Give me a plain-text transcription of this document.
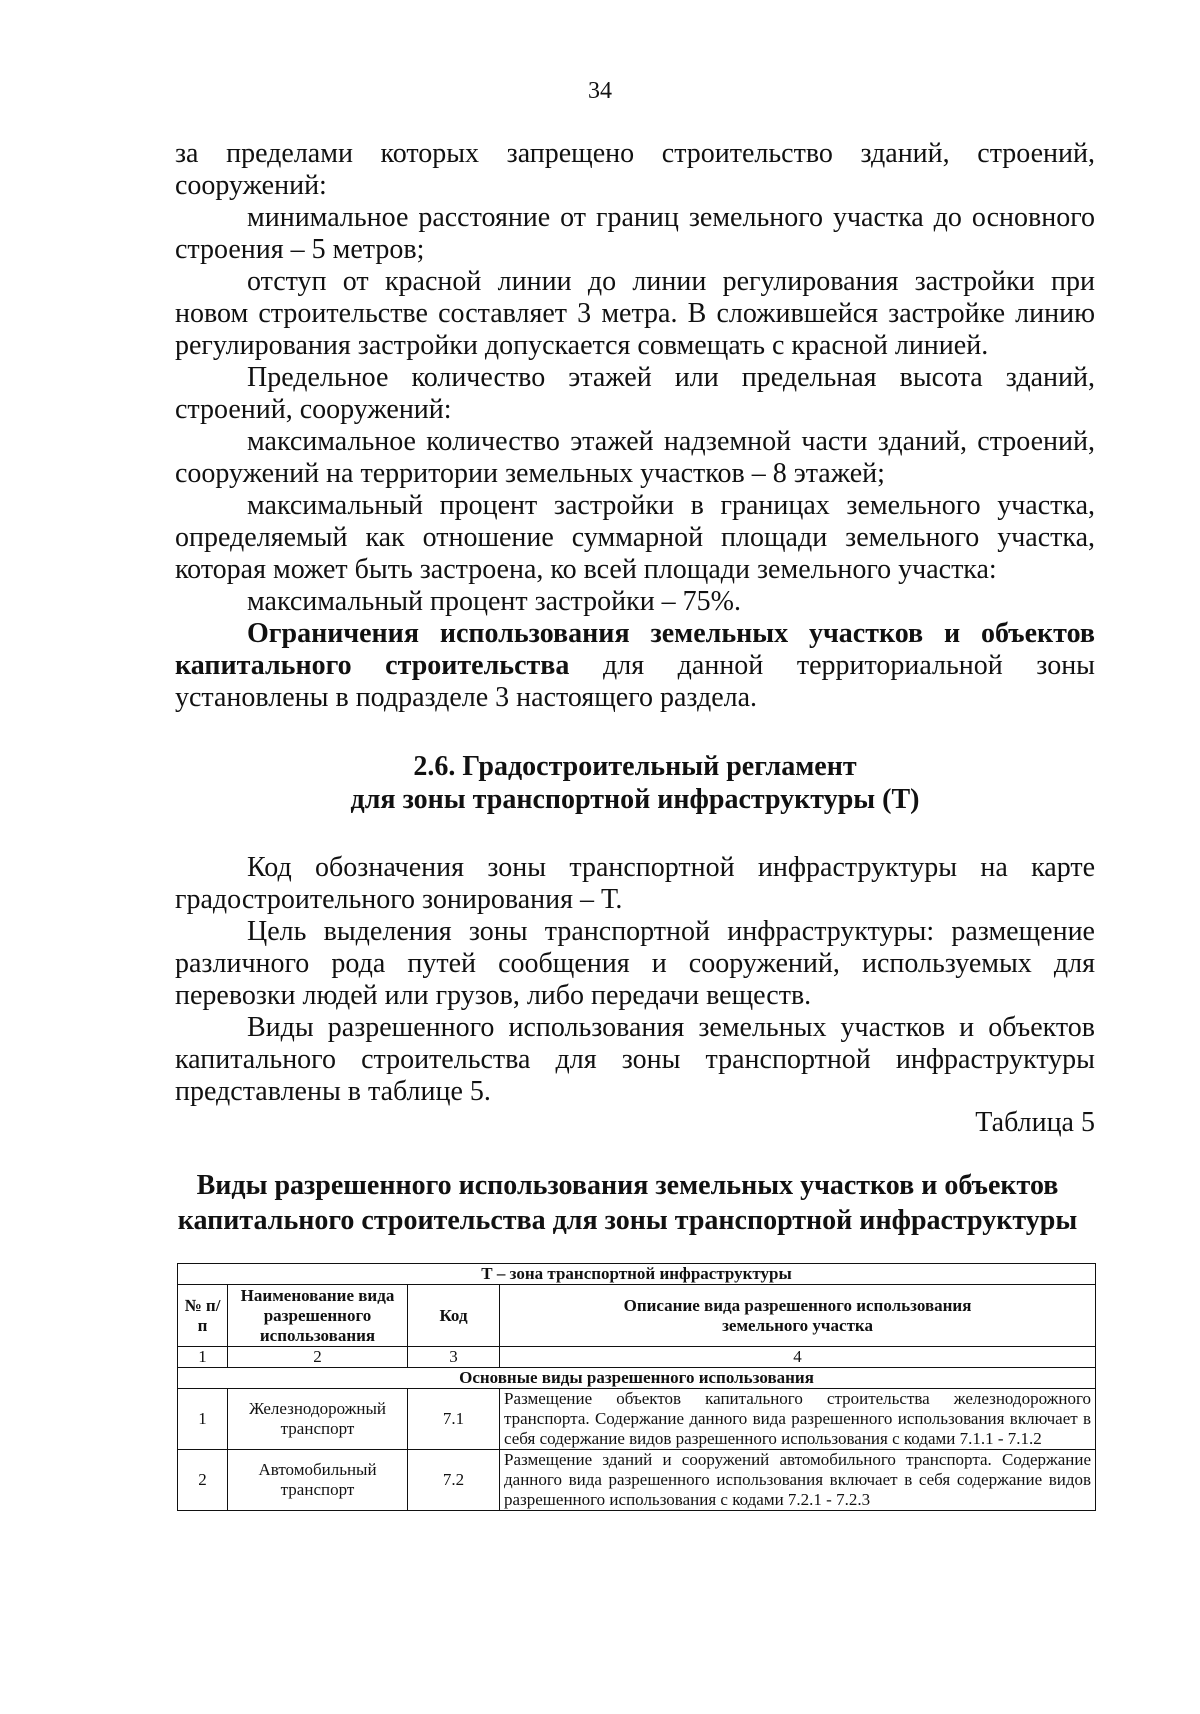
34

за пределами которых запрещено строительство зданий, строений, сооружений:

минимальное расстояние от границ земельного участка до основного строения – 5 метров;

отступ от красной линии до линии регулирования застройки при новом строительстве составляет 3 метра. В сложившейся застройке линию регулирования застройки допускается совмещать с красной линией.

Предельное количество этажей или предельная высота зданий, строений, сооружений:

максимальное количество этажей надземной части зданий, строений, сооружений на территории земельных участков – 8 этажей;

максимальный процент застройки в границах земельного участка, определяемый как отношение суммарной площади земельного участка, которая может быть застроена, ко всей площади земельного участка:

максимальный процент застройки – 75%.

Ограничения использования земельных участков и объектов капитального строительства для данной территориальной зоны установлены в подразделе 3 настоящего раздела.

2.6. Градостроительный регламент
для зоны транспортной инфраструктуры (Т)

Код обозначения зоны транспортной инфраструктуры на карте градостроительного зонирования – Т.

Цель выделения зоны транспортной инфраструктуры: размещение различного рода путей сообщения и сооружений, используемых для перевозки людей или грузов, либо передачи веществ.

Виды разрешенного использования земельных участков и объектов капитального строительства для зоны транспортной инфраструктуры представлены в таблице 5.

Таблица 5
Виды разрешенного использования земельных участков и объектов
капитального строительства для зоны транспортной инфраструктуры
Т – зона транспортной инфраструктуры			
№ п/п	Наименование вида разрешенного использования	Код	Описание вида разрешенного использования земельного участка
1	2	3	4
Основные виды разрешенного использования			
1	Железнодорожный транспорт	7.1	Размещение объектов капитального строительства железнодорожного транспорта. Содержание данного вида разрешенного использования включает в себя содержание видов разрешенного использования с кодами 7.1.1 - 7.1.2
2	Автомобильный транспорт	7.2	Размещение зданий и сооружений автомобильного транспорта. Содержание данного вида разрешенного использования включает в себя содержание видов разрешенного использования с кодами 7.2.1 - 7.2.3
